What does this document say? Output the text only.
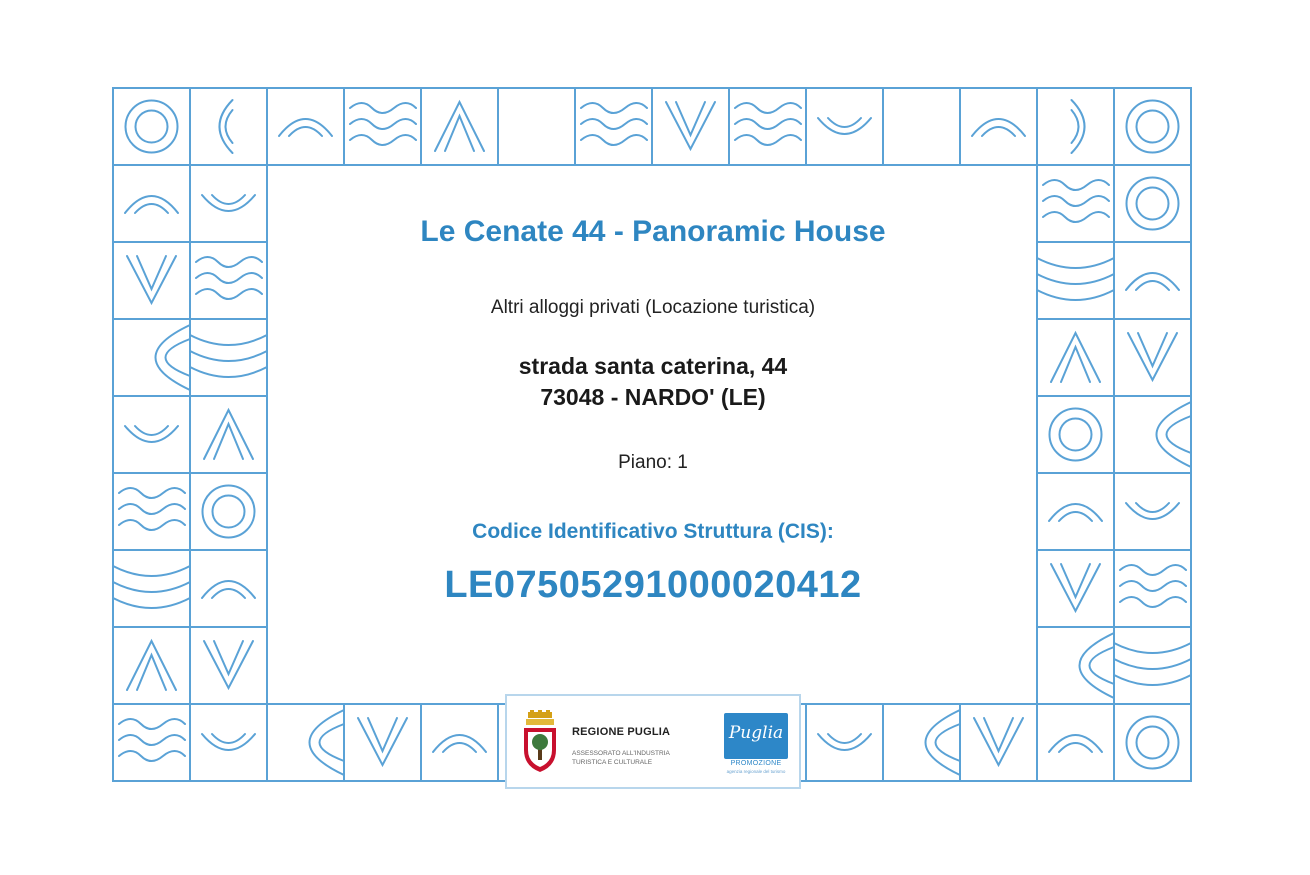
Le Cenate 44 - Panoramic House
Altri alloggi privati (Locazione turistica)
strada santa caterina, 44
73048 - NARDO' (LE)
Piano: 1
Codice Identificativo Struttura (CIS):
LE07505291000020412
REGIONE PUGLIA
ASSESSORATO ALL'INDUSTRIA
TURISTICA E CULTURALE
Puglia
PROMOZIONE
agenzia regionale del turismo
